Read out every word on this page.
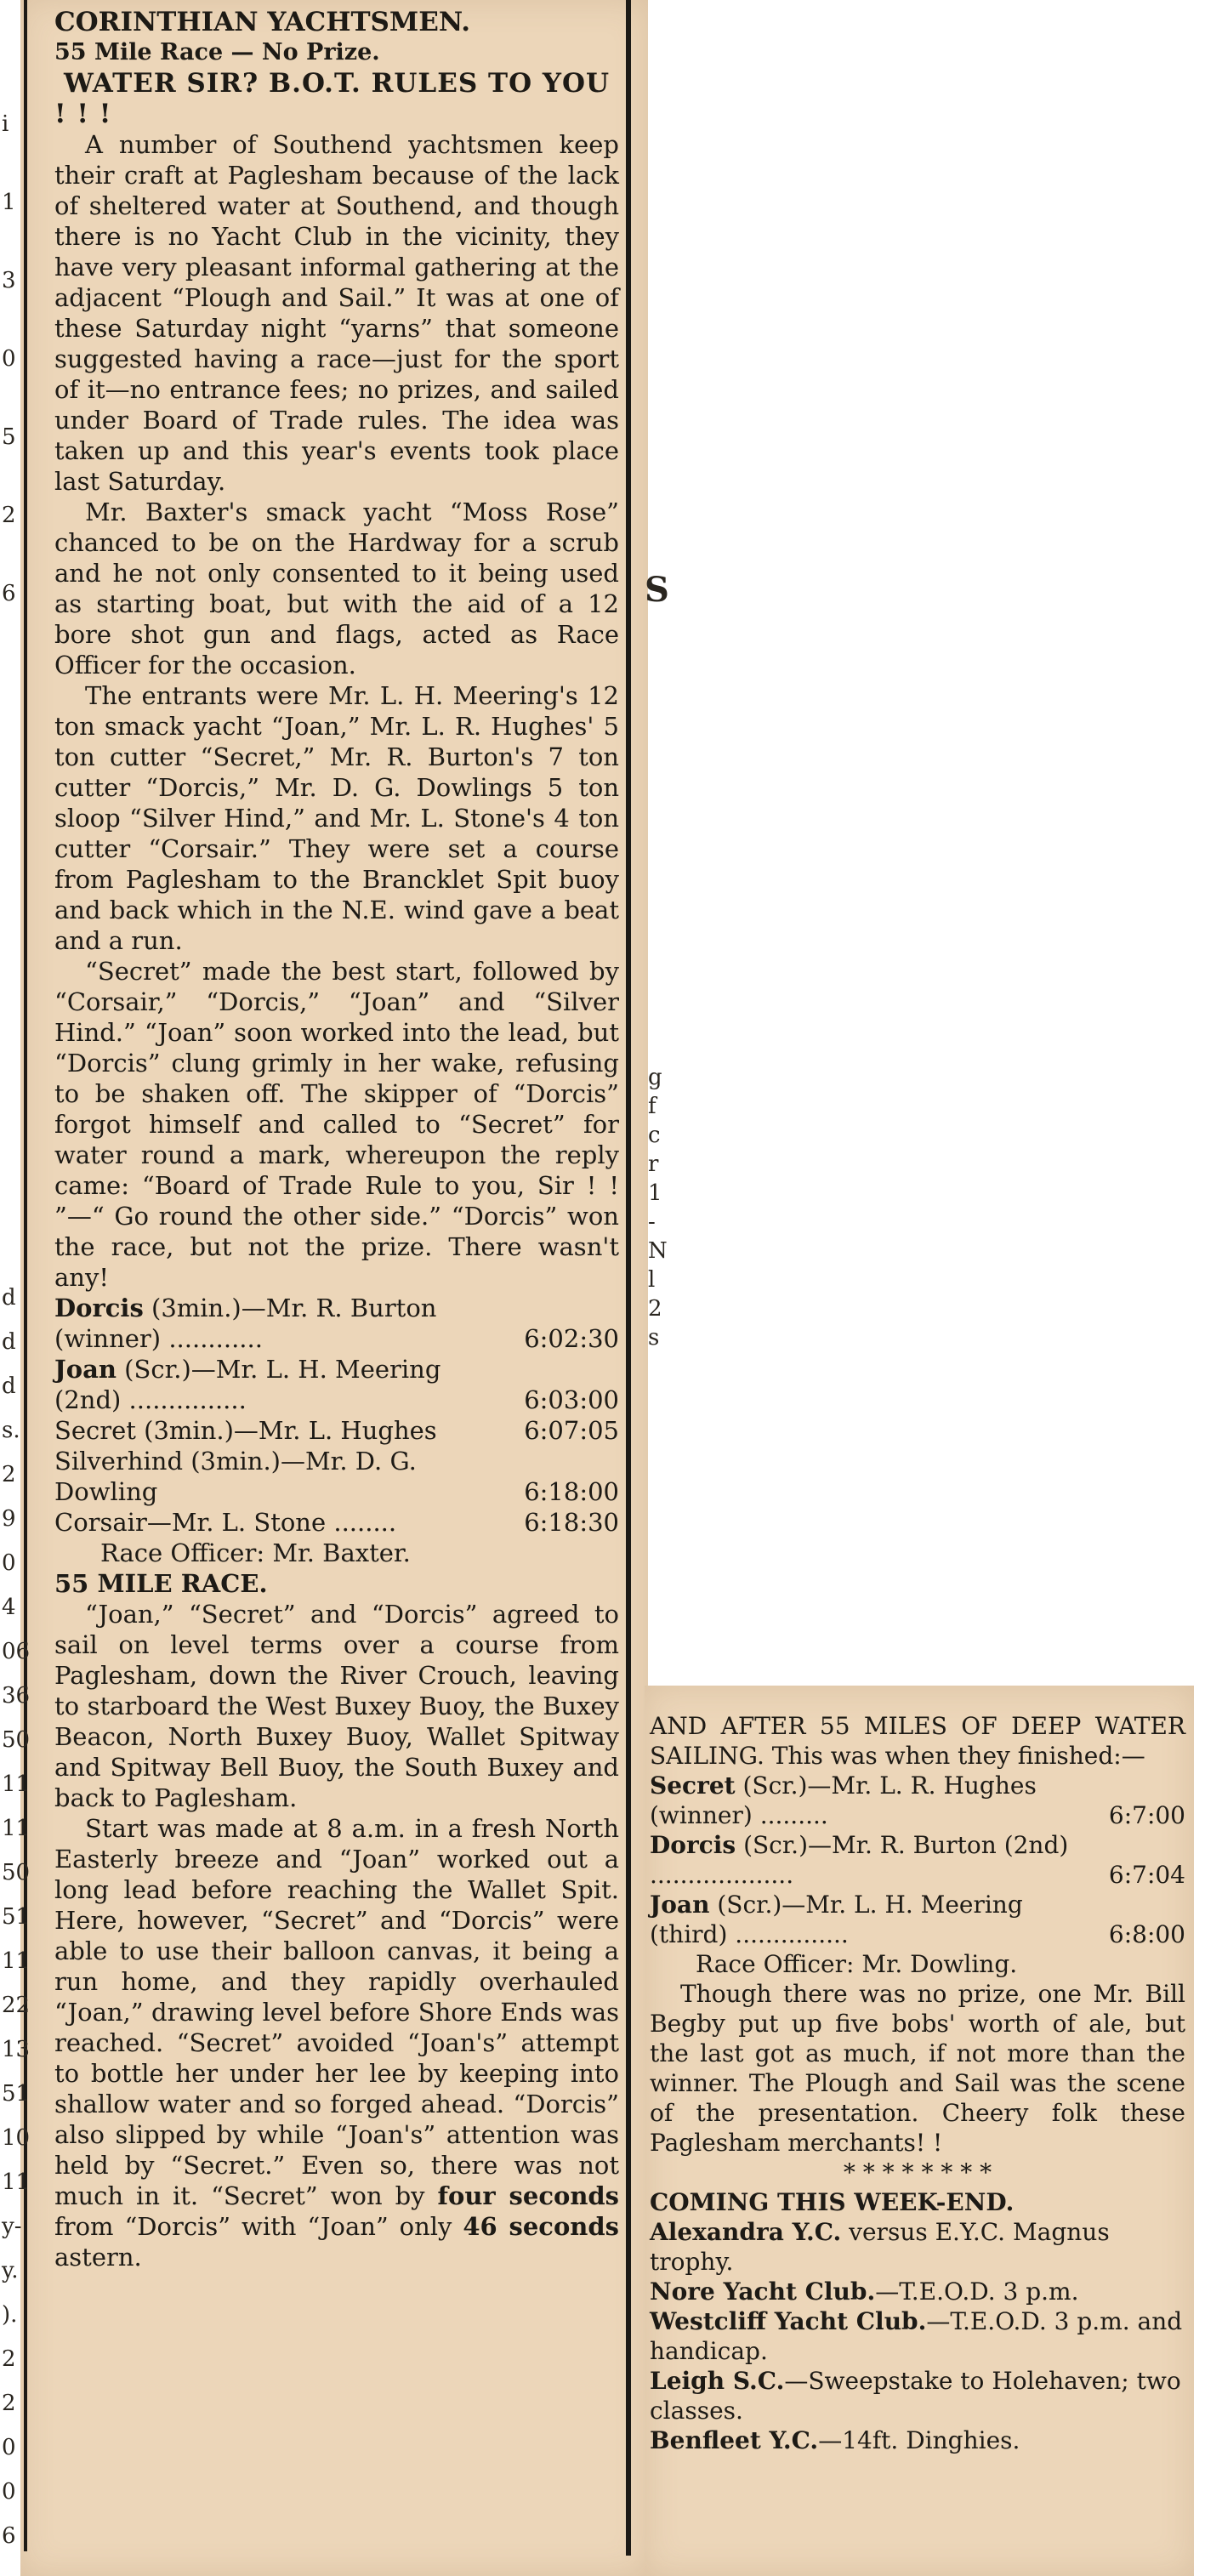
i
1
3
0
5
2
6	S
g
f
c
r
1
-
N
l
2
s
d
d
d
s.
2
9
0
4
06
36
50
11
11
50
51
11
22
13
51
10
11
y-
y.
).
2
2
0
0
6

CORINTHIAN YACHTSMEN.

55 Mile Race — No Prize.

WATER SIR? B.O.T. RULES TO YOU ! ! !

A number of Southend yachtsmen keep their craft at Paglesham because of the lack of sheltered water at Southend, and though there is no Yacht Club in the vicinity, they have very pleasant informal gathering at the adjacent “Plough and Sail.” It was at one of these Saturday night “yarns” that someone suggested having a race—just for the sport of it—no entrance fees; no prizes, and sailed under Board of Trade rules. The idea was taken up and this year's events took place last Saturday.

Mr. Baxter's smack yacht “Moss Rose” chanced to be on the Hardway for a scrub and he not only consented to it being used as starting boat, but with the aid of a 12 bore shot gun and flags, acted as Race Officer for the occasion.

The entrants were Mr. L. H. Meering's 12 ton smack yacht “Joan,” Mr. L. R. Hughes' 5 ton cutter “Secret,” Mr. R. Burton's 7 ton cutter “Dorcis,” Mr. D. G. Dowlings 5 ton sloop “Silver Hind,” and Mr. L. Stone's 4 ton cutter “Corsair.” They were set a course from Paglesham to the Brancklet Spit buoy and back which in the N.E. wind gave a beat and a run.

“Secret” made the best start, followed by “Corsair,” “Dorcis,” “Joan” and “Silver Hind.” “Joan” soon worked into the lead, but “Dorcis” clung grimly in her wake, refusing to be shaken off. The skipper of “Dorcis” forgot himself and called to “Secret” for water round a mark, whereupon the reply came: “Board of Trade Rule to you, Sir ! ! ”—“ Go round the other side.” “Dorcis” won the race, but not the prize. There wasn't any!

Dorcis (3min.)—Mr. R. Burton (winner) ............	6:02:30
Joan (Scr.)—Mr. L. H. Meering (2nd) ...............	6:03:00
Secret (3min.)—Mr. L. Hughes	6:07:05
Silverhind (3min.)—Mr. D. G. Dowling	6:18:00
Corsair—Mr. L. Stone ........	6:18:30
Race Officer: Mr. Baxter.

55 MILE RACE.

“Joan,” “Secret” and “Dorcis” agreed to sail on level terms over a course from Paglesham, down the River Crouch, leaving to starboard the West Buxey Buoy, the Buxey Beacon, North Buxey Buoy, Wallet Spitway and Spitway Bell Buoy, the South Buxey and back to Paglesham.

Start was made at 8 a.m. in a fresh North Easterly breeze and “Joan” worked out a long lead before reaching the Wallet Spit. Here, however, “Secret” and “Dorcis” were able to use their balloon canvas, it being a run home, and they rapidly overhauled “Joan,” drawing level before Shore Ends was reached. “Secret” avoided “Joan's” attempt to bottle her under her lee by keeping into shallow water and so forged ahead. “Dorcis” also slipped by while “Joan's” attention was held by “Secret.” Even so, there was not much in it. “Secret” won by four seconds from “Dorcis” with “Joan” only 46 seconds astern.

AND AFTER 55 MILES OF DEEP WATER SAILING. This was when they finished:—

Secret (Scr.)—Mr. L. R. Hughes (winner) .........	6:7:00
Dorcis (Scr.)—Mr. R. Burton (2nd) ...................	6:7:04
Joan (Scr.)—Mr. L. H. Meering (third) ...............	6:8:00
Race Officer: Mr. Dowling.

Though there was no prize, one Mr. Bill Begby put up five bobs' worth of ale, but the last got as much, if not more than the winner. The Plough and Sail was the scene of the presentation. Cheery folk these Paglesham merchants! !

* * * * * * * *

COMING THIS WEEK-END.

Alexandra Y.C. versus E.Y.C. Magnus trophy.
Nore Yacht Club.—T.E.O.D. 3 p.m.
Westcliff Yacht Club.—T.E.O.D. 3 p.m. and handicap.
Leigh S.C.—Sweepstake to Holehaven; two classes.
Benfleet Y.C.—14ft. Dinghies.
